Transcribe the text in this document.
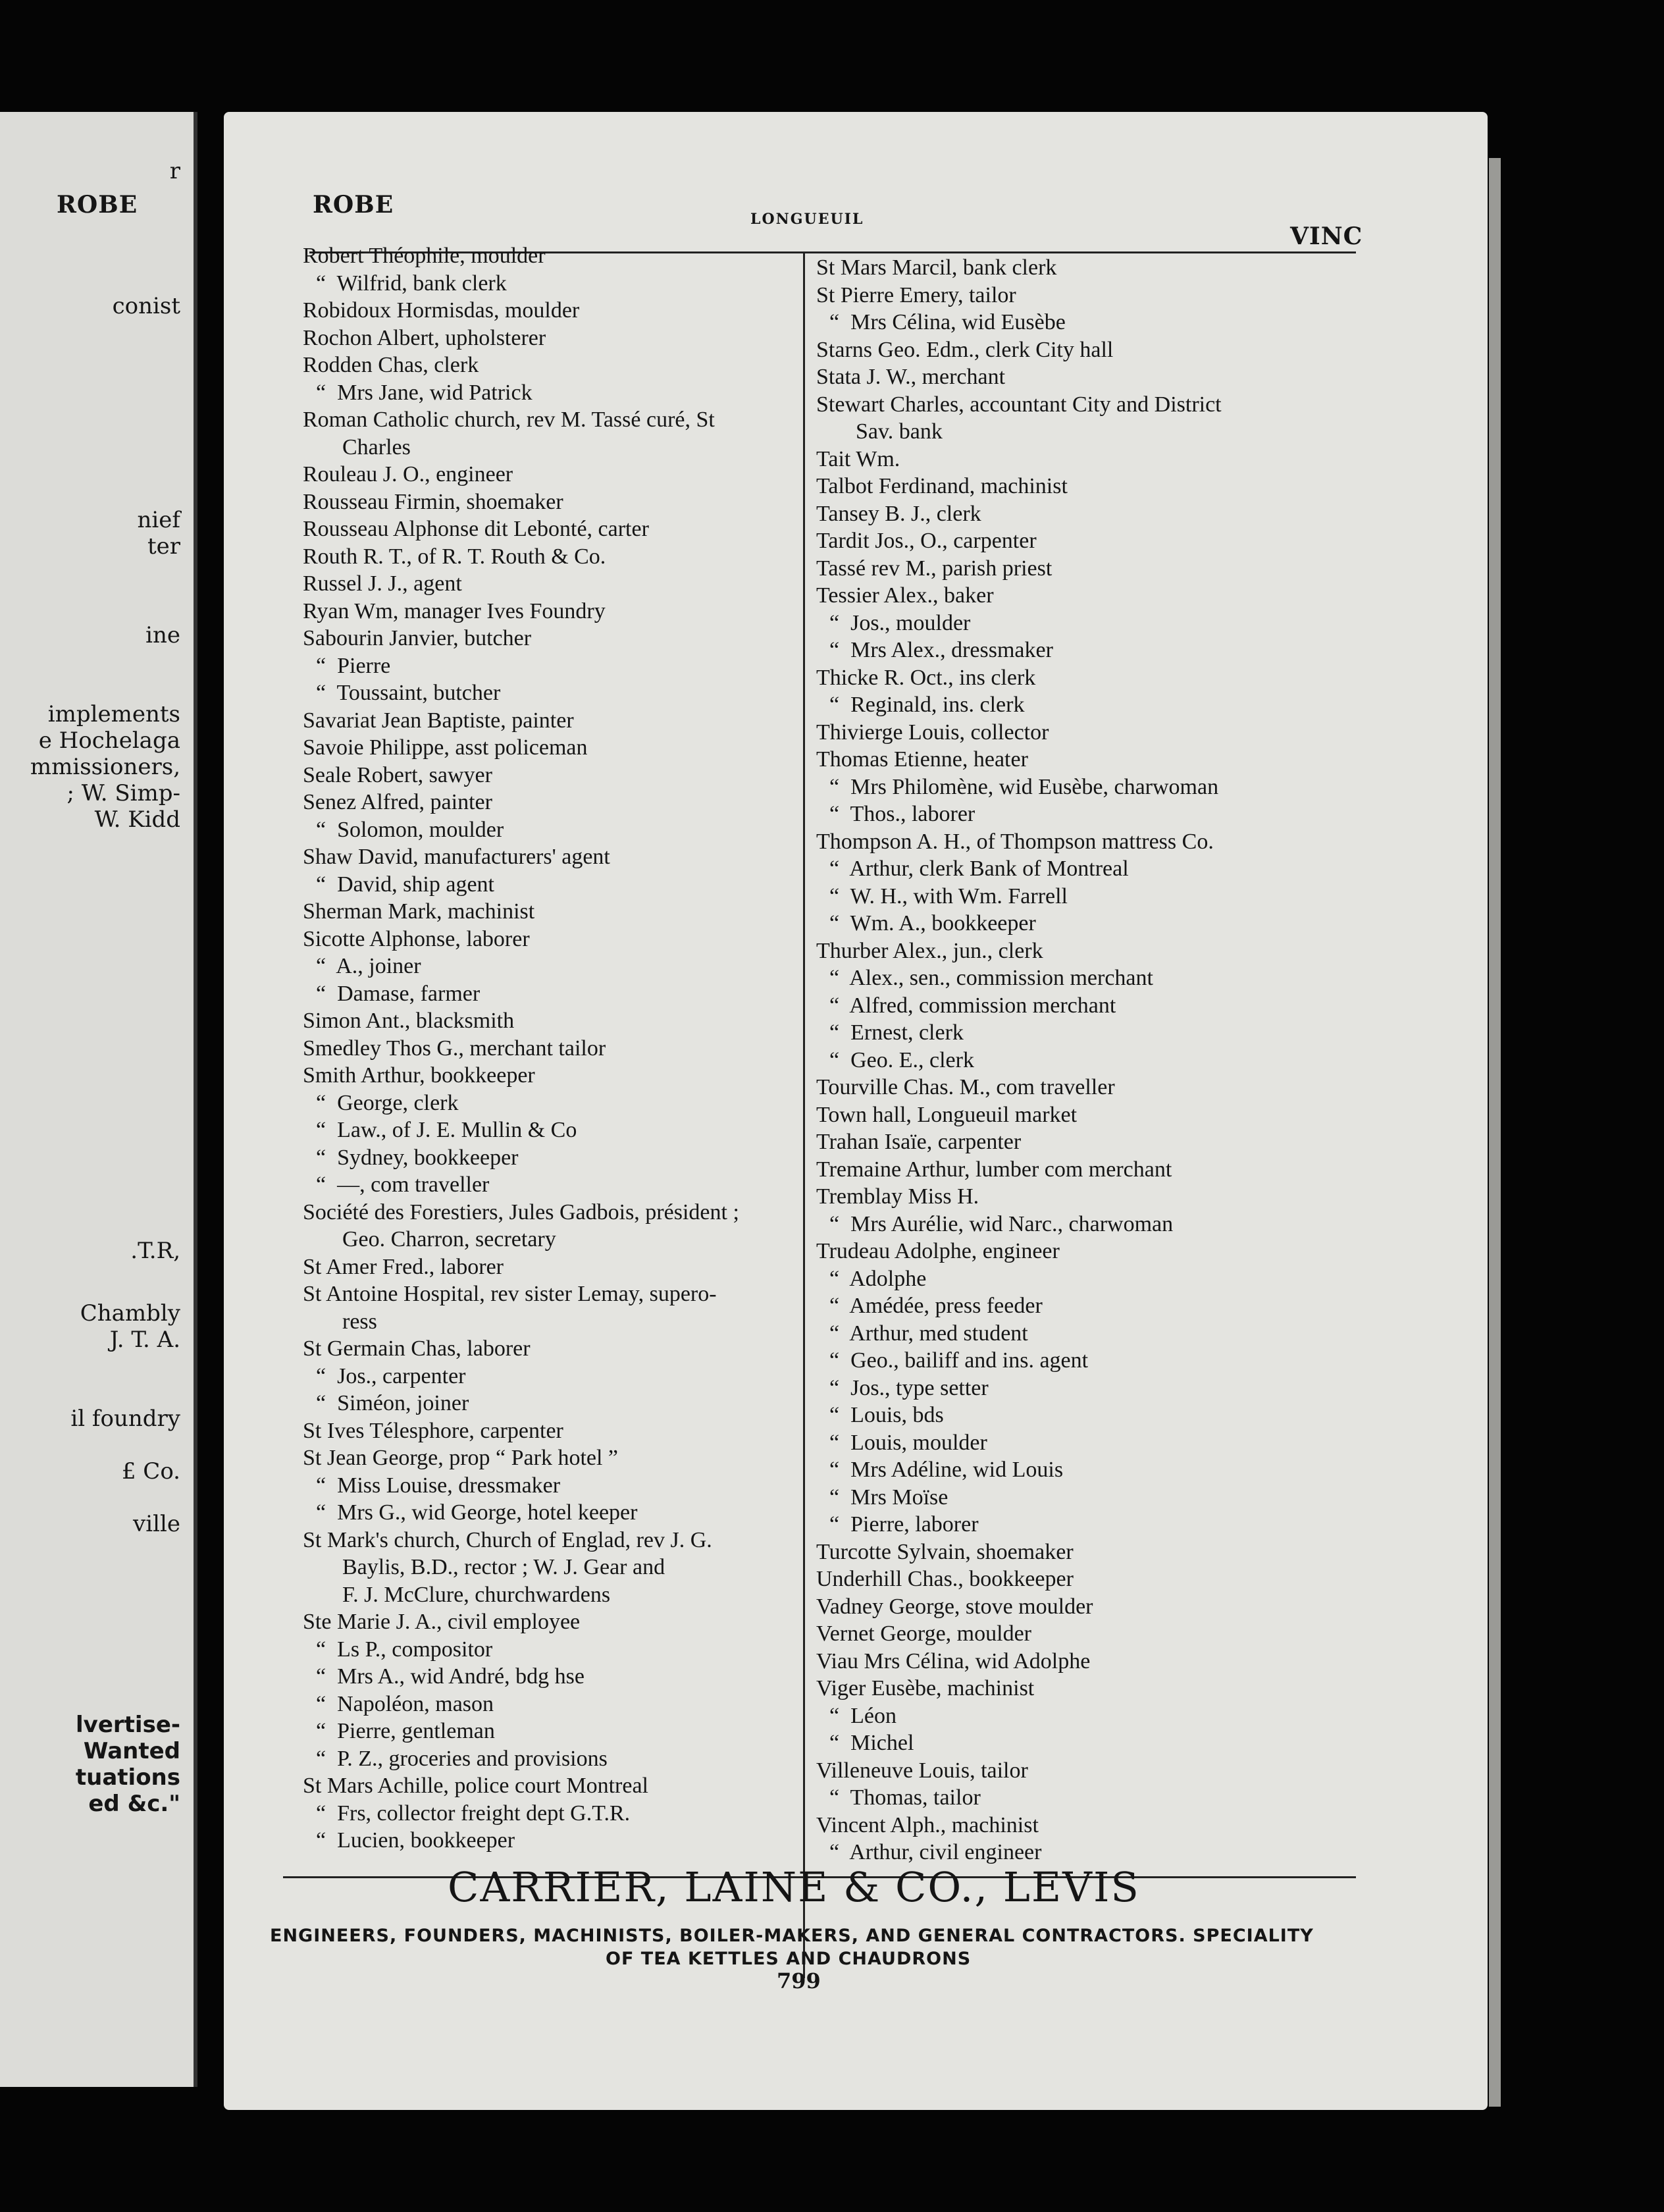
ROBE
r
conist
nief
ter
ine
implements
e Hochelaga
mmissioners,
; W. Simp-
W. Kidd
.T.R,
Chambly
J. T. A.
il foundry
£ Co.
ville
lvertise-
Wanted
tuations
ed &c."
ROBE
LONGUEUIL
VINC
Robert Théophile, moulder
“  Wilfrid, bank clerk
Robidoux Hormisdas, moulder
Rochon Albert, upholsterer
Rodden Chas, clerk
“  Mrs Jane, wid Patrick
Roman Catholic church, rev M. Tassé curé, St
Charles
Rouleau J. O., engineer
Rousseau Firmin, shoemaker
Rousseau Alphonse dit Lebonté, carter
Routh R. T., of R. T. Routh & Co.
Russel J. J., agent
Ryan Wm, manager Ives Foundry
Sabourin Janvier, butcher
“  Pierre
“  Toussaint, butcher
Savariat Jean Baptiste, painter
Savoie Philippe, asst policeman
Seale Robert, sawyer
Senez Alfred, painter
“  Solomon, moulder
Shaw David, manufacturers' agent
“  David, ship agent
Sherman Mark, machinist
Sicotte Alphonse, laborer
“  A., joiner
“  Damase, farmer
Simon Ant., blacksmith
Smedley Thos G., merchant tailor
Smith Arthur, bookkeeper
“  George, clerk
“  Law., of J. E. Mullin & Co
“  Sydney, bookkeeper
“  —, com traveller
Société des Forestiers, Jules Gadbois, président ;
Geo. Charron, secretary
St Amer Fred., laborer
St Antoine Hospital, rev sister Lemay, supero-
ress
St Germain Chas, laborer
“  Jos., carpenter
“  Siméon, joiner
St Ives Télesphore, carpenter
St Jean George, prop “ Park hotel ”
“  Miss Louise, dressmaker
“  Mrs G., wid George, hotel keeper
St Mark's church, Church of Englad, rev J. G.
Baylis, B.D., rector ; W. J. Gear and
F. J. McClure, churchwardens
Ste Marie J. A., civil employee
“  Ls P., compositor
“  Mrs A., wid André, bdg hse
“  Napoléon, mason
“  Pierre, gentleman
“  P. Z., groceries and provisions
St Mars Achille, police court Montreal
“  Frs, collector freight dept G.T.R.
“  Lucien, bookkeeper
St Mars Marcil, bank clerk
St Pierre Emery, tailor
“  Mrs Célina, wid Eusèbe
Starns Geo. Edm., clerk City hall
Stata J. W., merchant
Stewart Charles, accountant City and District
Sav. bank
Tait Wm.
Talbot Ferdinand, machinist
Tansey B. J., clerk
Tardit Jos., O., carpenter
Tassé rev M., parish priest
Tessier Alex., baker
“  Jos., moulder
“  Mrs Alex., dressmaker
Thicke R. Oct., ins clerk
“  Reginald, ins. clerk
Thivierge Louis, collector
Thomas Etienne, heater
“  Mrs Philomène, wid Eusèbe, charwoman
“  Thos., laborer
Thompson A. H., of Thompson mattress Co.
“  Arthur, clerk Bank of Montreal
“  W. H., with Wm. Farrell
“  Wm. A., bookkeeper
Thurber Alex., jun., clerk
“  Alex., sen., commission merchant
“  Alfred, commission merchant
“  Ernest, clerk
“  Geo. E., clerk
Tourville Chas. M., com traveller
Town hall, Longueuil market
Trahan Isaïe, carpenter
Tremaine Arthur, lumber com merchant
Tremblay Miss H.
“  Mrs Aurélie, wid Narc., charwoman
Trudeau Adolphe, engineer
“  Adolphe
“  Amédée, press feeder
“  Arthur, med student
“  Geo., bailiff and ins. agent
“  Jos., type setter
“  Louis, bds
“  Louis, moulder
“  Mrs Adéline, wid Louis
“  Mrs Moïse
“  Pierre, laborer
Turcotte Sylvain, shoemaker
Underhill Chas., bookkeeper
Vadney George, stove moulder
Vernet George, moulder
Viau Mrs Célina, wid Adolphe
Viger Eusèbe, machinist
“  Léon
“  Michel
Villeneuve Louis, tailor
“  Thomas, tailor
Vincent Alph., machinist
“  Arthur, civil engineer
CARRIER, LAINE & CO., LEVIS
ENGINEERS, FOUNDERS, MACHINISTS, BOILER-MAKERS, AND GENERAL CONTRACTORS. SPECIALITY
OF TEA KETTLES AND CHAUDRONS
799
